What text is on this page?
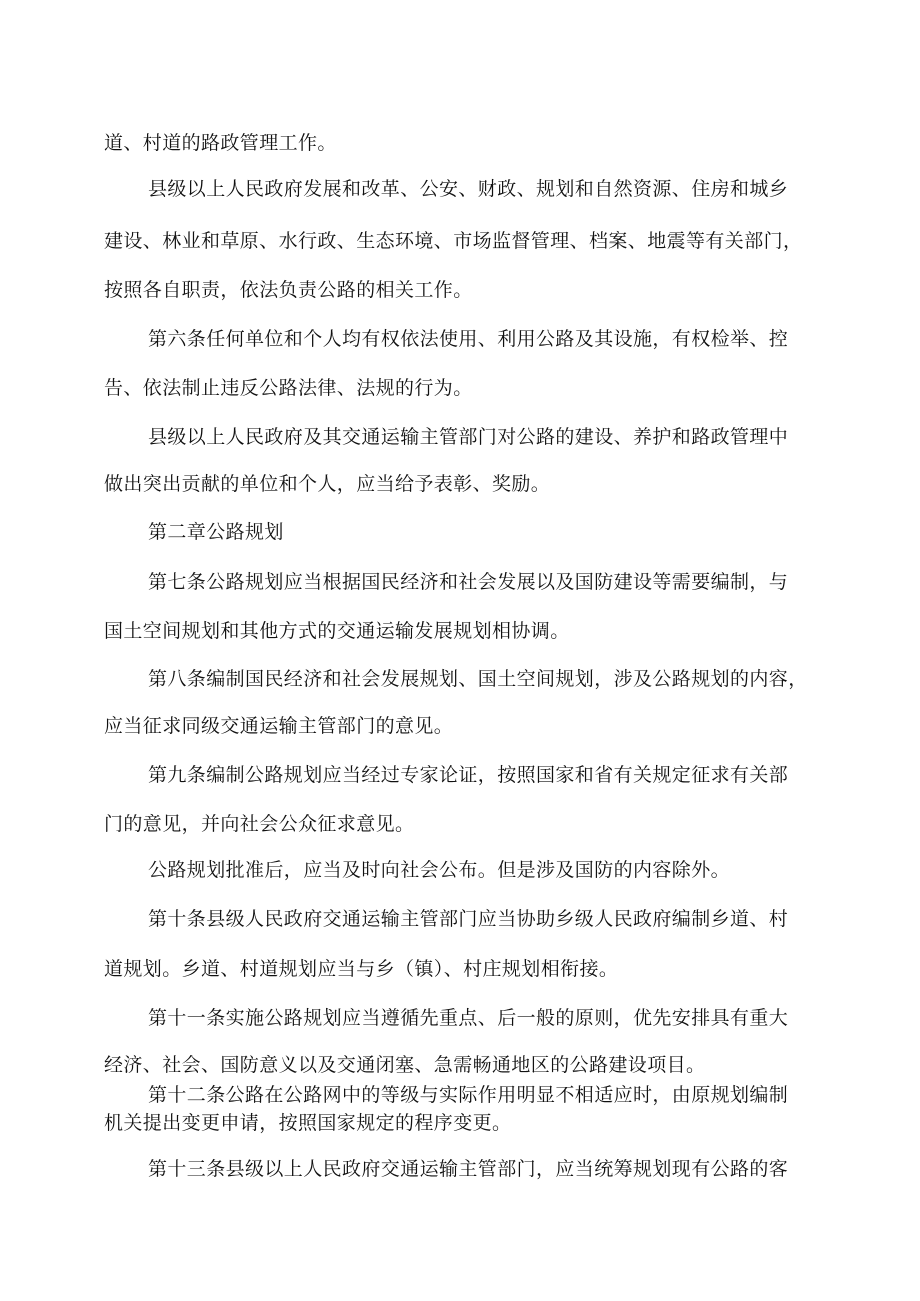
道、村道的路政管理工作。
县级以上人民政府发展和改革、公安、财政、规划和自然资源、住房和城乡
建设、林业和草原、水行政、生态环境、市场监督管理、档案、地震等有关部门，
按照各自职责，依法负责公路的相关工作。
第六条任何单位和个人均有权依法使用、利用公路及其设施，有权检举、控
告、依法制止违反公路法律、法规的行为。
县级以上人民政府及其交通运输主管部门对公路的建设、养护和路政管理中
做出突出贡献的单位和个人，应当给予表彰、奖励。
第二章公路规划
第七条公路规划应当根据国民经济和社会发展以及国防建设等需要编制，与
国土空间规划和其他方式的交通运输发展规划相协调。
第八条编制国民经济和社会发展规划、国土空间规划，涉及公路规划的内容，
应当征求同级交通运输主管部门的意见。
第九条编制公路规划应当经过专家论证，按照国家和省有关规定征求有关部
门的意见，并向社会公众征求意见。
公路规划批准后，应当及时向社会公布。但是涉及国防的内容除外。
第十条县级人民政府交通运输主管部门应当协助乡级人民政府编制乡道、村
道规划。乡道、村道规划应当与乡（镇）、村庄规划相衔接。
第十一条实施公路规划应当遵循先重点、后一般的原则，优先安排具有重大
经济、社会、国防意义以及交通闭塞、急需畅通地区的公路建设项目。
第十二条公路在公路网中的等级与实际作用明显不相适应时，由原规划编制
机关提出变更申请，按照国家规定的程序变更。
第十三条县级以上人民政府交通运输主管部门，应当统筹规划现有公路的客
